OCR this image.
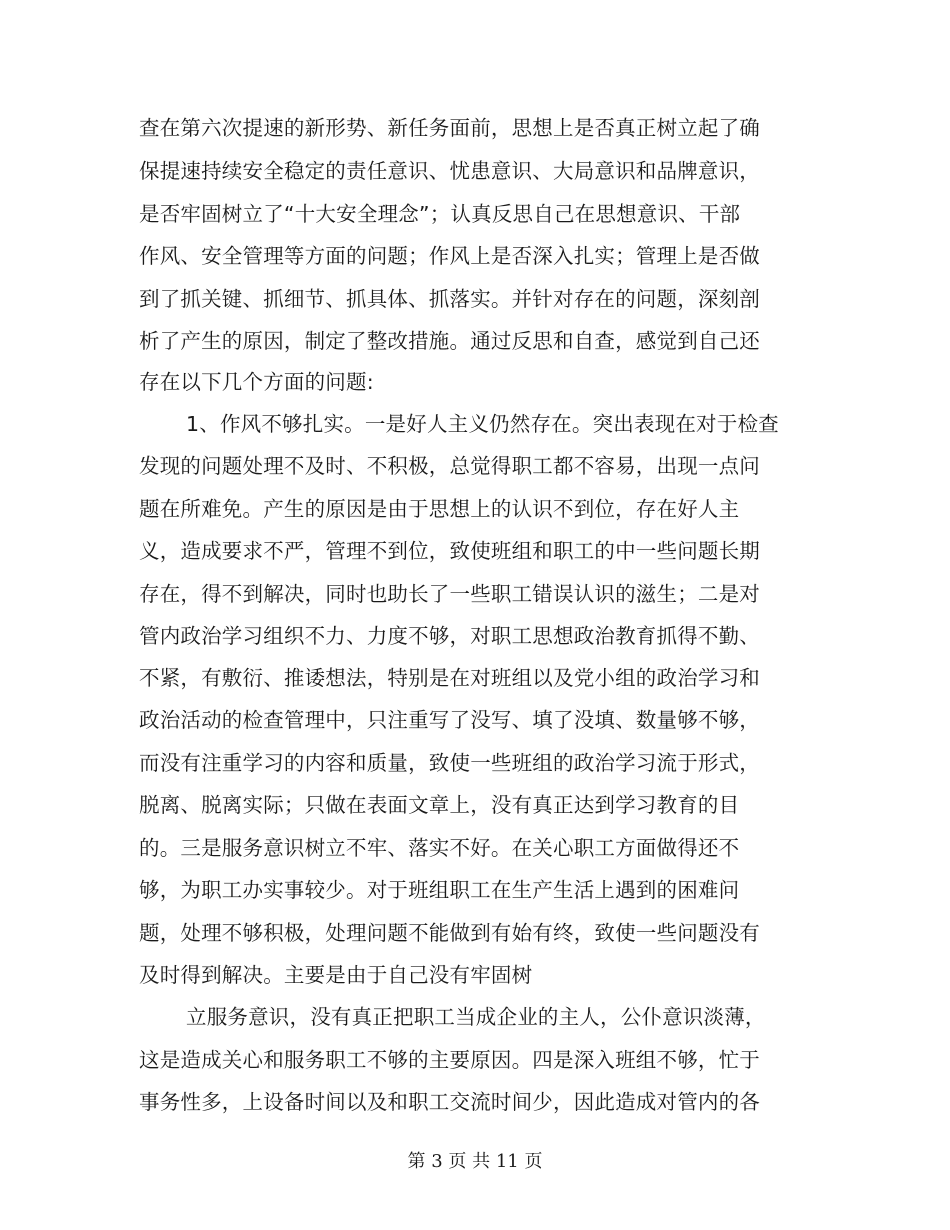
查在第六次提速的新形势、新任务面前，思想上是否真正树立起了确
保提速持续安全稳定的责任意识、忧患意识、大局意识和品牌意识，
是否牢固树立了“十大安全理念”；认真反思自己在思想意识、干部
作风、安全管理等方面的问题；作风上是否深入扎实；管理上是否做
到了抓关键、抓细节、抓具体、抓落实。并针对存在的问题，深刻剖
析了产生的原因，制定了整改措施。通过反思和自查，感觉到自己还
存在以下几个方面的问题:
1、作风不够扎实。一是好人主义仍然存在。突出表现在对于检查
发现的问题处理不及时、不积极，总觉得职工都不容易，出现一点问
题在所难免。产生的原因是由于思想上的认识不到位，存在好人主
义，造成要求不严，管理不到位，致使班组和职工的中一些问题长期
存在，得不到解决，同时也助长了一些职工错误认识的滋生；二是对
管内政治学习组织不力、力度不够，对职工思想政治教育抓得不勤、
不紧，有敷衍、推诿想法，特别是在对班组以及党小组的政治学习和
政治活动的检查管理中，只注重写了没写、填了没填、数量够不够，
而没有注重学习的内容和质量，致使一些班组的政治学习流于形式，
脱离、脱离实际；只做在表面文章上，没有真正达到学习教育的目
的。三是服务意识树立不牢、落实不好。在关心职工方面做得还不
够，为职工办实事较少。对于班组职工在生产生活上遇到的困难问
题，处理不够积极，处理问题不能做到有始有终，致使一些问题没有
及时得到解决。主要是由于自己没有牢固树
立服务意识，没有真正把职工当成企业的主人，公仆意识淡薄，
这是造成关心和服务职工不够的主要原因。四是深入班组不够，忙于
事务性多，上设备时间以及和职工交流时间少，因此造成对管内的各
第 3 页 共 11 页
